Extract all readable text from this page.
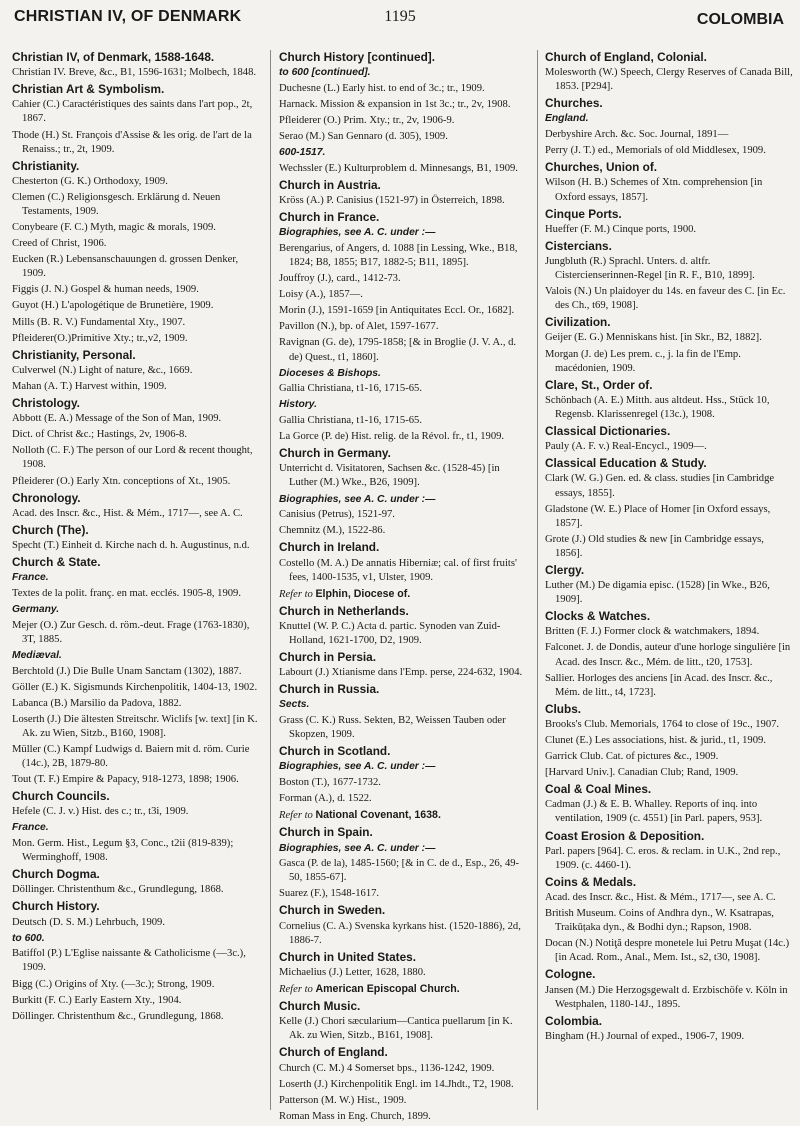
CHRISTIAN IV, OF DENMARK	1195	COLOMBIA
Christian IV, of Denmark, 1588-1648.
Christian IV. Breve, &c., B1, 1596-1631; Molbech, 1848.
Christian Art & Symbolism.
Cahier (C.) Caractéristiques des saints dans l'art pop., 2t, 1867.
Thode (H.) St. François d'Assise & les orig. de l'art de la Renaiss.; tr., 2t, 1909.
Christianity.
Chesterton (G. K.) Orthodoxy, 1909.
Clemen (C.) Religionsgesch. Erklärung d. Neuen Testaments, 1909.
Conybeare (F. C.) Myth, magic & morals, 1909.
Creed of Christ, 1906.
Eucken (R.) Lebensanschauungen d. grossen Denker, 1909.
Figgis (J. N.) Gospel & human needs, 1909.
Guyot (H.) L'apologétique de Brunetière, 1909.
Mills (B. R. V.) Fundamental Xty., 1907.
Pfleiderer(O.)Primitive Xty.; tr.,v2, 1909.
Christianity, Personal.
Culverwel (N.) Light of nature, &c., 1669.
Mahan (A. T.) Harvest within, 1909.
Christology.
Abbott (E. A.) Message of the Son of Man, 1909.
Dict. of Christ &c.; Hastings, 2v, 1906-8.
Nolloth (C. F.) The person of our Lord & recent thought, 1908.
Pfleiderer (O.) Early Xtn. conceptions of Xt., 1905.
Chronology.
Acad. des Inscr. &c., Hist. & Mém., 1717—, see A. C.
Church (The).
Specht (T.) Einheit d. Kirche nach d. h. Augustinus, n.d.
Church & State.
France.
Textes de la polit. franç. en mat. ecclés. 1905-8, 1909.
Germany.
Mejer (O.) Zur Gesch. d. röm.-deut. Frage (1763-1830), 3T, 1885.
Mediæval.
Berchtold (J.) Die Bulle Unam Sanctam (1302), 1887.
Göller (E.) K. Sigismunds Kirchenpolitik, 1404-13, 1902.
Labanca (B.) Marsilio da Padova, 1882.
Loserth (J.) Die ältesten Streitschr. Wiclifs [w. text] [in K. Ak. zu Wien, Sitzb., B160, 1908].
Müller (C.) Kampf Ludwigs d. Baiern mit d. röm. Curie (14c.), 2B, 1879-80.
Tout (T. F.) Empire & Papacy, 918-1273, 1898; 1906.
Church Councils.
Hefele (C. J. v.) Hist. des c.; tr., t3i, 1909.
France.
Mon. Germ. Hist., Legum §3, Conc., t2ii (819-839); Werminghoff, 1908.
Church Dogma.
Döllinger. Christenthum &c., Grundlegung, 1868.
Church History.
Deutsch (D. S. M.) Lehrbuch, 1909.
to 600.
Batiffol (P.) L'Eglise naissante & Catholicisme (—3c.), 1909.
Bigg (C.) Origins of Xty. (—3c.); Strong, 1909.
Burkitt (F. C.) Early Eastern Xty., 1904.
Döllinger. Christenthum &c., Grundlegung, 1868.
Church History [continued].
to 600 [continued].
Duchesne (L.) Early hist. to end of 3c.; tr., 1909.
Harnack. Mission & expansion in 1st 3c.; tr., 2v, 1908.
Pfleiderer (O.) Prim. Xty.; tr., 2v, 1906-9.
Serao (M.) San Gennaro (d. 305), 1909.
600-1517.
Wechssler (E.) Kulturproblem d. Minnesangs, B1, 1909.
Church in Austria.
Kröss (A.) P. Canisius (1521-97) in Österreich, 1898.
Church in France.
Biographies, see A. C. under :—
Berengarius, of Angers, d. 1088 [in Lessing, Wke., B18, 1824; B8, 1855; B17, 1882-5; B11, 1895].
Jouffroy (J.), card., 1412-73.
Loisy (A.), 1857—.
Morin (J.), 1591-1659 [in Antiquitates Eccl. Or., 1682].
Pavillon (N.), bp. of Alet, 1597-1677.
Ravignan (G. de), 1795-1858; [& in Broglie (J. V. A., d. de) Quest., t1, 1860].
Dioceses & Bishops.
Gallia Christiana, t1-16, 1715-65.
History.
Gallia Christiana, t1-16, 1715-65.
La Gorce (P. de) Hist. relig. de la Révol. fr., t1, 1909.
Church in Germany.
Unterricht d. Visitatoren, Sachsen &c. (1528-45) [in Luther (M.) Wke., B26, 1909].
Biographies, see A. C. under :—
Canisius (Petrus), 1521-97.
Chemnitz (M.), 1522-86.
Church in Ireland.
Costello (M. A.) De annatis Hiberniæ; cal. of first fruits' fees, 1400-1535, v1, Ulster, 1909.
Refer to Elphin, Diocese of.
Church in Netherlands.
Knuttel (W. P. C.) Acta d. partic. Synoden van Zuid-Holland, 1621-1700, D2, 1909.
Church in Persia.
Labourt (J.) Xtianisme dans l'Emp. perse, 224-632, 1904.
Church in Russia.
Sects.
Grass (C. K.) Russ. Sekten, B2, Weissen Tauben oder Skopzen, 1909.
Church in Scotland.
Biographies, see A. C. under :—
Boston (T.), 1677-1732.
Forman (A.), d. 1522.
Refer to National Covenant, 1638.
Church in Spain.
Biographies, see A. C. under :—
Gasca (P. de la), 1485-1560; [& in C. de d., Esp., 26, 49-50, 1855-67].
Suarez (F.), 1548-1617.
Church in Sweden.
Cornelius (C. A.) Svenska kyrkans hist. (1520-1886), 2d, 1886-7.
Church in United States.
Michaelius (J.) Letter, 1628, 1880.
Refer to American Episcopal Church.
Church Music.
Kelle (J.) Chori sæcularium—Cantica puellarum [in K. Ak. zu Wien, Sitzb., B161, 1908].
Church of England.
Church (C. M.) 4 Somerset bps., 1136-1242, 1909.
Loserth (J.) Kirchenpolitik Engl. im 14.Jhdt., T2, 1908.
Patterson (M. W.) Hist., 1909.
Roman Mass in Eng. Church, 1899.
Church of England, Colonial.
Molesworth (W.) Speech, Clergy Reserves of Canada Bill, 1853. [P294].
Churches.
England.
Derbyshire Arch. &c. Soc. Journal, 1891—
Perry (J. T.) ed., Memorials of old Middlesex, 1909.
Churches, Union of.
Wilson (H. B.) Schemes of Xtn. comprehension [in Oxford essays, 1857].
Cinque Ports.
Hueffer (F. M.) Cinque ports, 1900.
Cistercians.
Jungbluth (R.) Sprachl. Unters. d. altfr. Cistercienserinnen-Regel [in R. F., B10, 1899].
Valois (N.) Un plaidoyer du 14s. en faveur des C. [in Ec. des Ch., t69, 1908].
Civilization.
Geijer (E. G.) Menniskans hist. [in Skr., B2, 1882].
Morgan (J. de) Les prem. c., j. la fin de l'Emp. macédonien, 1909.
Clare, St., Order of.
Schönbach (A. E.) Mitth. aus altdeut. Hss., Stück 10, Regensb. Klarissenregel (13c.), 1908.
Classical Dictionaries.
Pauly (A. F. v.) Real-Encycl., 1909—.
Classical Education & Study.
Clark (W. G.) Gen. ed. & class. studies [in Cambridge essays, 1855].
Gladstone (W. E.) Place of Homer [in Oxford essays, 1857].
Grote (J.) Old studies & new [in Cambridge essays, 1856].
Clergy.
Luther (M.) De digamia episc. (1528) [in Wke., B26, 1909].
Clocks & Watches.
Britten (F. J.) Former clock & watchmakers, 1894.
Falconet. J. de Dondis, auteur d'une horloge singulière [in Acad. des Inscr. &c., Mém. de litt., t20, 1753].
Sallier. Horloges des anciens [in Acad. des Inscr. &c., Mém. de litt., t4, 1723].
Clubs.
Brooks's Club. Memorials, 1764 to close of 19c., 1907.
Clunet (E.) Les associations, hist. & jurid., t1, 1909.
Garrick Club. Cat. of pictures &c., 1909.
[Harvard Univ.]. Canadian Club; Rand, 1909.
Coal & Coal Mines.
Cadman (J.) & E. B. Whalley. Reports of inq. into ventilation, 1909 (c. 4551) [in Parl. papers, 953].
Coast Erosion & Deposition.
Parl. papers [964]. C. eros. & reclam. in U.K., 2nd rep., 1909. (c. 4460-1).
Coins & Medals.
Acad. des Inscr. &c., Hist. & Mém., 1717—, see A. C.
British Museum. Coins of Andhra dyn., W. Ksatrapas, Traikūṭaka dyn., & Bodhi dyn.; Rapson, 1908.
Docan (N.) Notiţă despre monetele lui Petru Muşat (14c.) [in Acad. Rom., Anal., Mem. Ist., s2, t30, 1908].
Cologne.
Jansen (M.) Die Herzogsgewalt d. Erzbischöfe v. Köln in Westphalen, 1180-14J., 1895.
Colombia.
Bingham (H.) Journal of exped., 1906-7, 1909.
